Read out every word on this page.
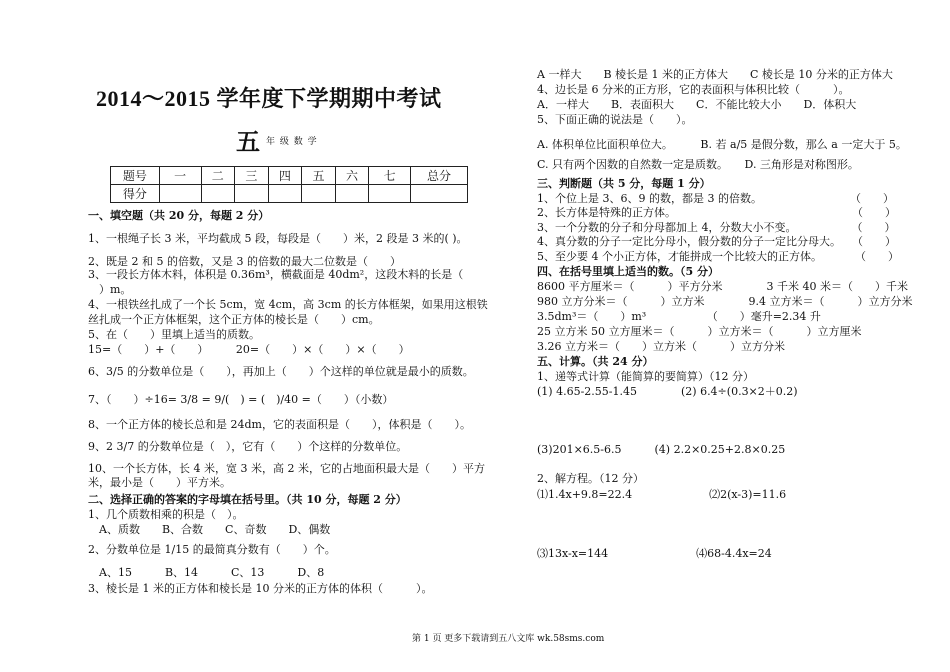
2014～2015 学年度下学期期中考试
五 年 级 数 学
题号	一	二	三	四	五	六	七	总分
得分								
一、填空题（共 20 分，每题 2 分）
1、一根绳子长 3 米，平均截成 5 段，每段是（　　）米，2 段是 3 米的( )。
2、既是 2 和 5 的倍数，又是 3 的倍数的最大二位数是（　　）
3、一段长方体木料，体积是 0.36m³，横截面是 40dm²，这段木料的长是（
　）m。
4、一根铁丝扎成了一个长 5cm，宽 4cm，高 3cm 的长方体框架，如果用这根铁
丝扎成一个正方体框架，这个正方体的棱长是（　　）cm。
5、在（　　）里填上适当的质数。
15=（　　）+（　　）　　　20=（　　）×（　　）×（　　）
6、3/5 的分数单位是（　　），再加上（　　）个这样的单位就是最小的质数。
7、（　　）÷16= 3/8 = 9/(　) = (　)/40 =（　　）（小数）
8、一个正方体的棱长总和是 24dm，它的表面积是（　　），体积是（　　）。
9、2 3/7 的分数单位是（　），它有（　　）个这样的分数单位。
10、一个长方体，长 4 米，宽 3 米，高 2 米，它的占地面积最大是（　　）平方
米，最小是（　　）平方米。
二、选择正确的答案的字母填在括号里。（共 10 分，每题 2 分）
1、几个质数相乘的积是（　）。
　A、质数　　B、合数　　C、奇数　　D、偶数
2、分数单位是 1/15 的最简真分数有（　　）个。
　A、15　　　B、14　　　C、13　　　D、8
3、棱长是 1 米的正方体和棱长是 10 分米的正方体的体积（　　　）。
A 一样大　　B 棱长是 1 米的正方体大　　C 棱长是 10 分米的正方体大
4、边长是 6 分米的正方形，它的表面积与体积比较（　　　）。
A．一样大　　B．表面积大　　C．不能比较大小　　D．体积大
5、下面正确的说法是（　　）。
A. 体积单位比面积单位大。　　　B. 若 a/5 是假分数，那么 a 一定大于 5。
C. 只有两个因数的自然数一定是质数。　　D. 三角形是对称图形。
三、判断题（共 5 分，每题 1 分）
1、个位上是 3、6、9 的数，都是 3 的倍数。　　　　　　　　　（　　）
2、长方体是特殊的正方体。　　　　　　　　　　　　　　　　　（　　）
3、一个分数的分子和分母都加上 4，分数大小不变。　　　　　　（　　）
4、真分数的分子一定比分母小，假分数的分子一定比分母大。　　（　　）
5、至少要 4 个小正方体，才能拼成一个比较大的正方体。　　　　（　　）
四、在括号里填上适当的数。（5 分）
8600 平方厘米＝（　　　）平方分米　　　　3 千米 40 米＝（　　）千米
980 立方分米＝（　　　）立方米　　　　9.4 立方米＝（　　　）立方分米
3.5dm³＝（　　）m³　　　　　　（　　）毫升=2.34 升
25 立方米 50 立方厘米＝（　　　）立方米＝（　　　）立方厘米
3.26 立方米＝（　　）立方米（　　　）立方分米
五、计算。（共 24 分）
1、递等式计算（能简算的要简算）（12 分）
(1) 4.65-2.55-1.45　　　　(2) 6.4÷(0.3×2＋0.2)
(3)201×6.5-6.5　　　(4) 2.2×0.25+2.8×0.25
2、解方程。（12 分）
⑴1.4x+9.8=22.4　　　　　　　⑵2(x-3)=11.6
⑶13x-x=144　　　　　　　　⑷68-4.4x=24
第 1 页 更多下载请到五八文库 wk.58sms.com
